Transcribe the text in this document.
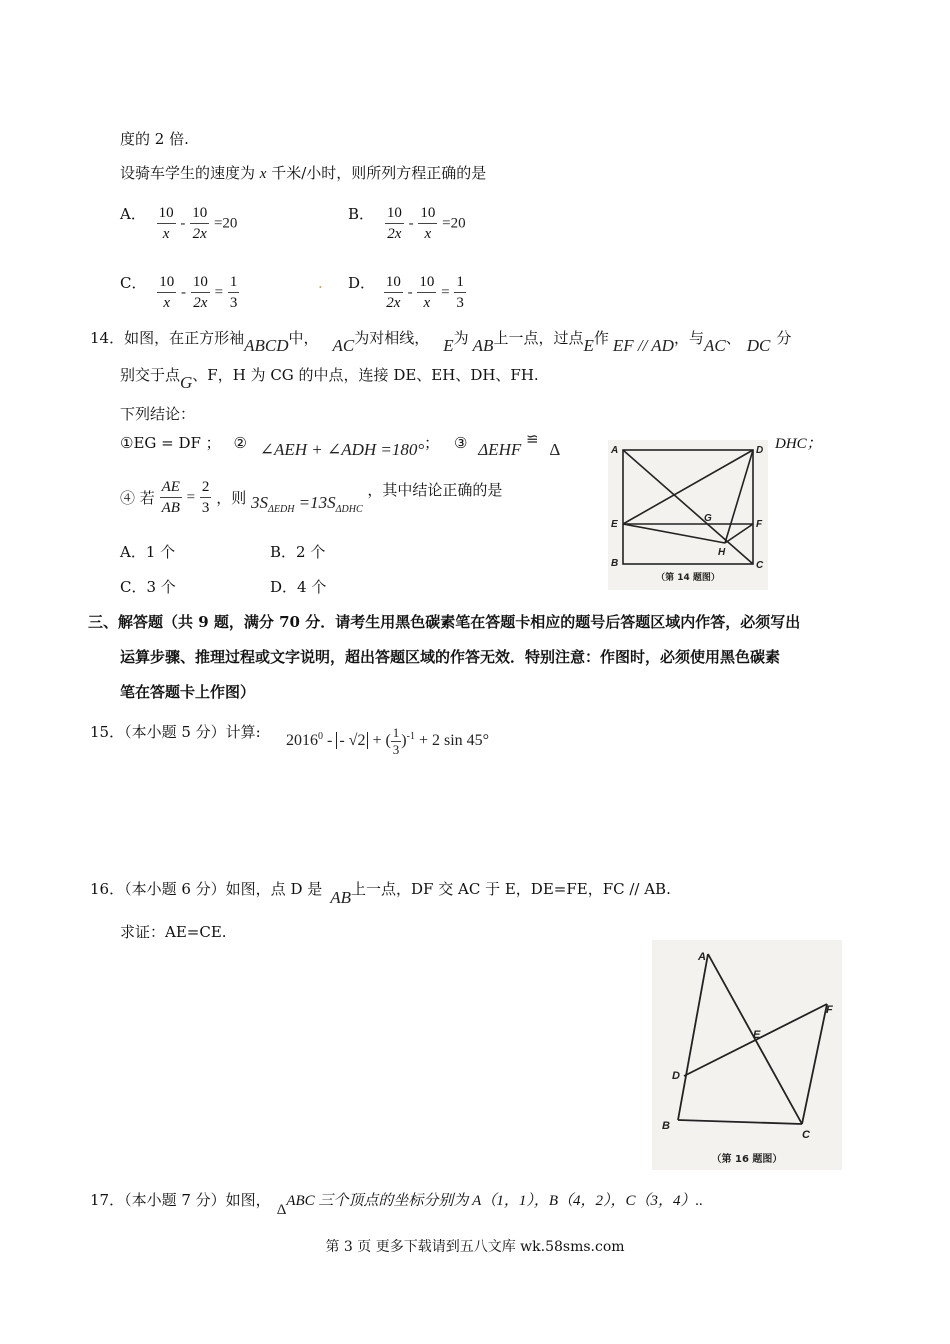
度的 2 倍.
设骑车学生的速度为 x 千米/小时，则所列方程正确的是
A． $\frac{10}{x} - \frac{10}{2x} =20$
B． $\frac{10}{2x} - \frac{10}{x} =20$
C． $\frac{10}{x} - \frac{10}{2x} = \frac{1}{3}$	. D． $\frac{10}{2x} - \frac{10}{x} = \frac{1}{3}$
14．如图，在正方形袖ABCD中， AC为对相线， E为 AB上一点，过点E作 EF // AD，与AC、 DC 分
别交于点G、F，H 为 CG 的中点，连接 DE、EH、DH、FH.
下列结论：
①EG = DF ； ② ∠AEH + ∠ADH =180°； ③ ΔEHF ≌ Δ	DHC；
④ 若 $\frac{AE}{AB} = \frac{2}{3}$ ，则 $3S_{\Delta EDH} =13S_{\Delta DHC}$ ，其中结论正确的是
A．1 个	B．2 个
C．3 个	D．4 个
A	D
E
G
F
H
B	C
（第 14 题图）
三、解答题（共 9 题，满分 70 分．请考生用黑色碳素笔在答题卡相应的题号后答题区域内作答，必须写出
运算步骤、推理过程或文字说明，超出答题区域的作答无效．特别注意：作图时，必须使用黑色碳素
笔在答题卡上作图）
15．（本小题 5 分）计算: 2016$^0$ - - √2 + ( $\frac{1}{3} )^{-1} + 2$ sin 45°
16．（本小题 6 分）如图，点 D 是 AB上一点，DF 交 AC 于 E，DE=FE，FC // AB.
求证：AE=CE.
A
F
E
D
B
C
（第 16 题图）
17．（本小题 7 分）如图，ΔABC 三个顶点的坐标分别为 A（1，1），B（4，2），C（3，4）..
第 3 页 更多下载请到五八文库 wk.58sms.com
